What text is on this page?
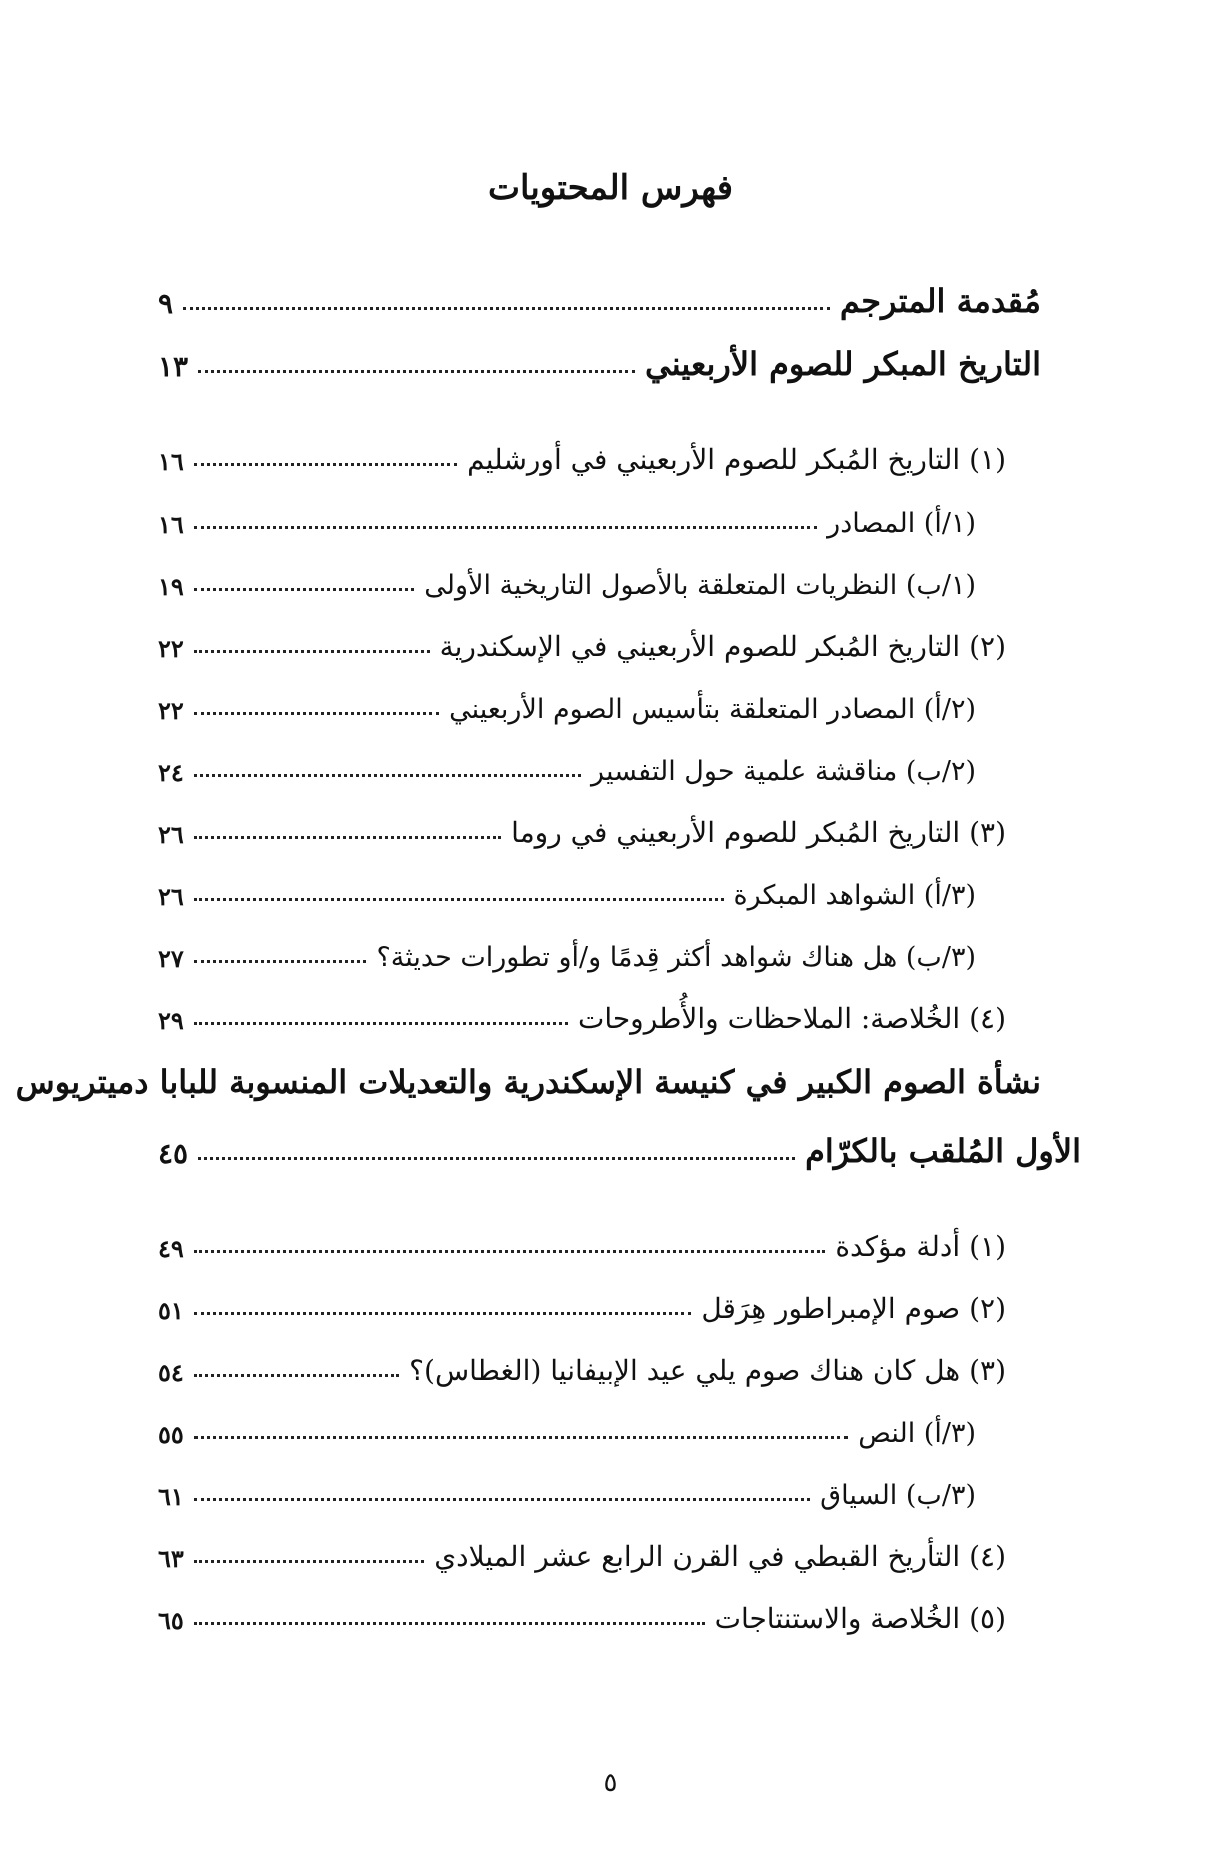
فهرس المحتويات
مُقدمة المترجم
٩
التاريخ المبكر للصوم الأربعيني
١٣
(١) التاريخ المُبكر للصوم الأربعيني في أورشليم
١٦
(١/أ) المصادر
١٦
(١/ب) النظريات المتعلقة بالأصول التاريخية الأولى
١٩
(٢) التاريخ المُبكر للصوم الأربعيني في الإسكندرية
٢٢
(٢/أ) المصادر المتعلقة بتأسيس الصوم الأربعيني
٢٢
(٢/ب) مناقشة علمية حول التفسير
٢٤
(٣) التاريخ المُبكر للصوم الأربعيني في روما
٢٦
(٣/أ) الشواهد المبكرة
٢٦
(٣/ب) هل هناك شواهد أكثر قِدمًا و/أو تطورات حديثة؟
٢٧
(٤) الخُلاصة: الملاحظات والأُطروحات
٢٩
نشأة الصوم الكبير في كنيسة الإسكندرية والتعديلات المنسوبة للبابا دميتريوس
الأول المُلقب بالكرّام
٤٥
(١) أدلة مؤكدة
٤٩
(٢) صوم الإمبراطور هِرَقل
٥١
(٣) هل كان هناك صوم يلي عيد الإبيفانيا (الغطاس)؟
٥٤
(٣/أ) النص
٥٥
(٣/ب) السياق
٦١
(٤) التأريخ القبطي في القرن الرابع عشر الميلادي
٦٣
(٥) الخُلاصة والاستنتاجات
٦٥
٥
